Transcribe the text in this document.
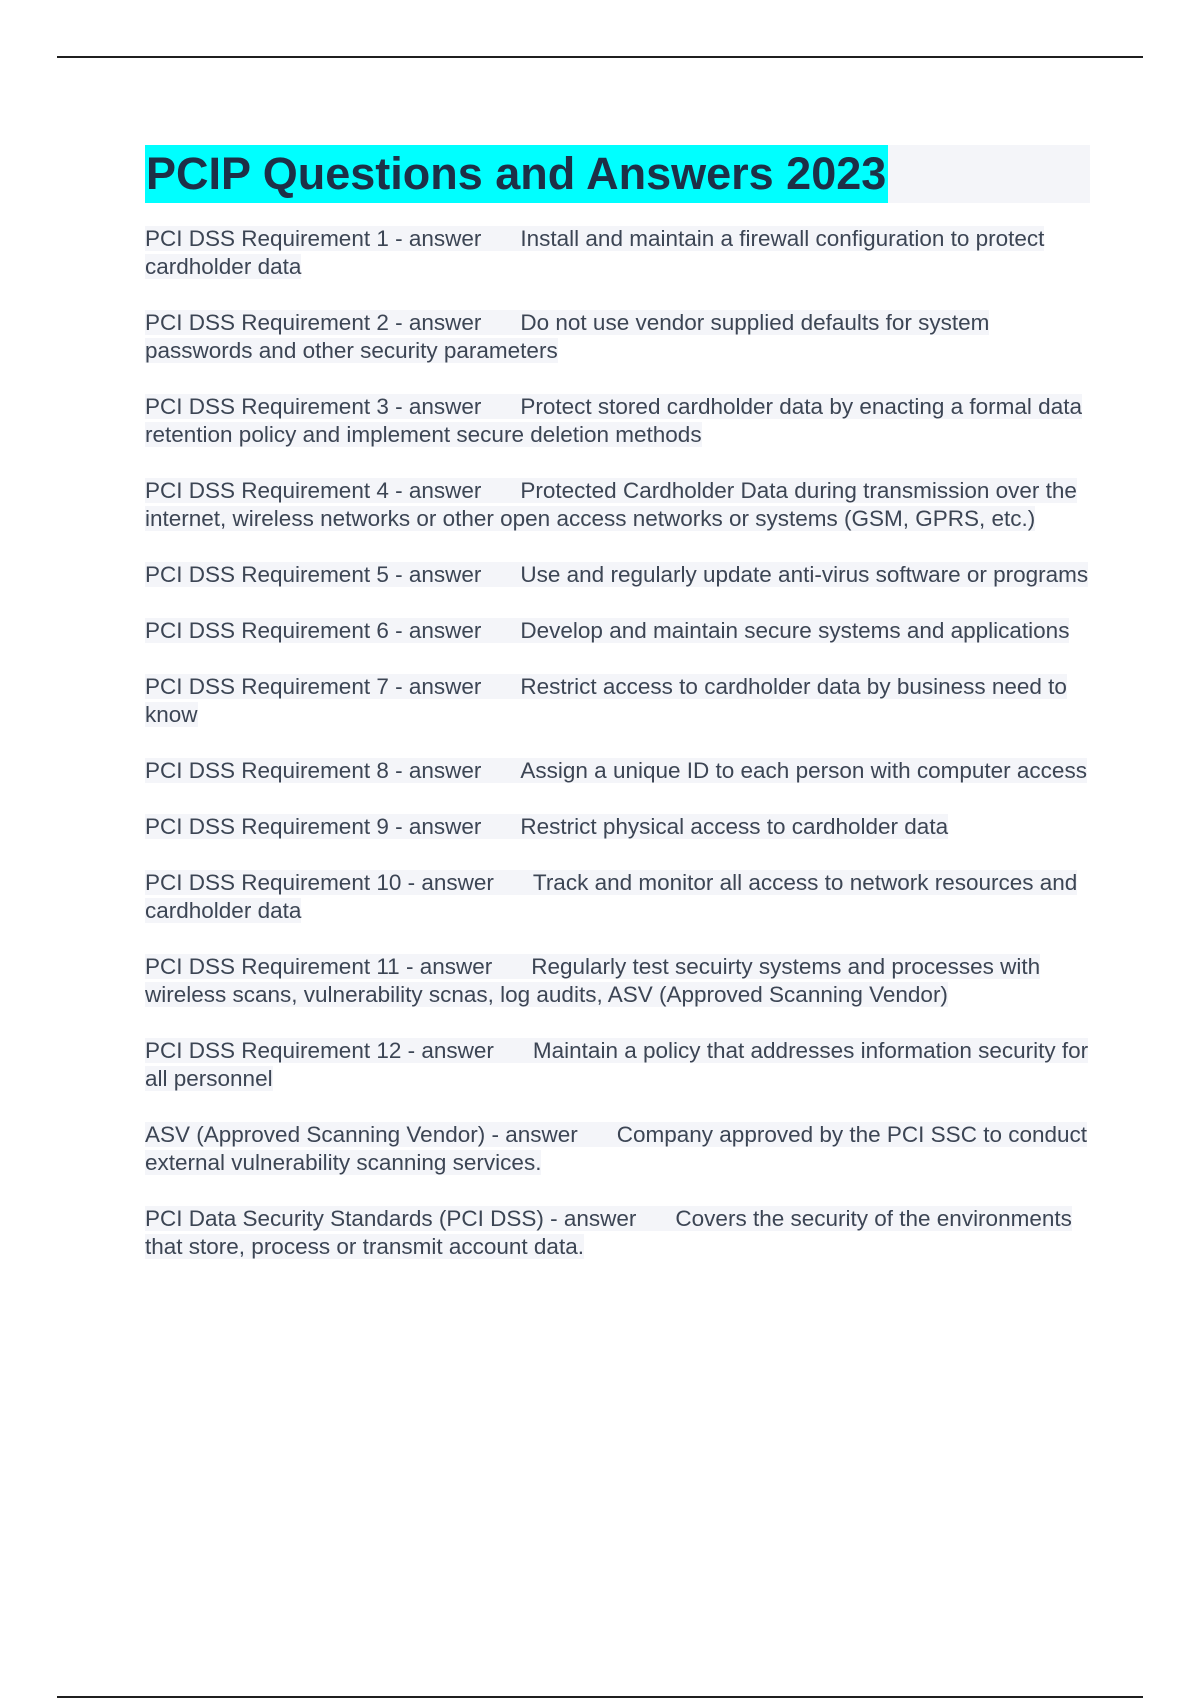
PCIP Questions and Answers 2023

PCI DSS Requirement 1 - answer Install and maintain a firewall configuration to protect cardholder data

PCI DSS Requirement 2 - answer Do not use vendor supplied defaults for system passwords and other security parameters

PCI DSS Requirement 3 - answer Protect stored cardholder data by enacting a formal data retention policy and implement secure deletion methods

PCI DSS Requirement 4 - answer Protected Cardholder Data during transmission over the internet, wireless networks or other open access networks or systems (GSM, GPRS, etc.)

PCI DSS Requirement 5 - answer Use and regularly update anti-virus software or programs

PCI DSS Requirement 6 - answer Develop and maintain secure systems and applications

PCI DSS Requirement 7 - answer Restrict access to cardholder data by business need to know

PCI DSS Requirement 8 - answer Assign a unique ID to each person with computer access

PCI DSS Requirement 9 - answer Restrict physical access to cardholder data

PCI DSS Requirement 10 - answer Track and monitor all access to network resources and cardholder data

PCI DSS Requirement 11 - answer Regularly test secuirty systems and processes with wireless scans, vulnerability scnas, log audits, ASV (Approved Scanning Vendor)

PCI DSS Requirement 12 - answer Maintain a policy that addresses information security for all personnel

ASV (Approved Scanning Vendor) - answer Company approved by the PCI SSC to conduct external vulnerability scanning services.

PCI Data Security Standards (PCI DSS) - answer Covers the security of the environments that store, process or transmit account data.
